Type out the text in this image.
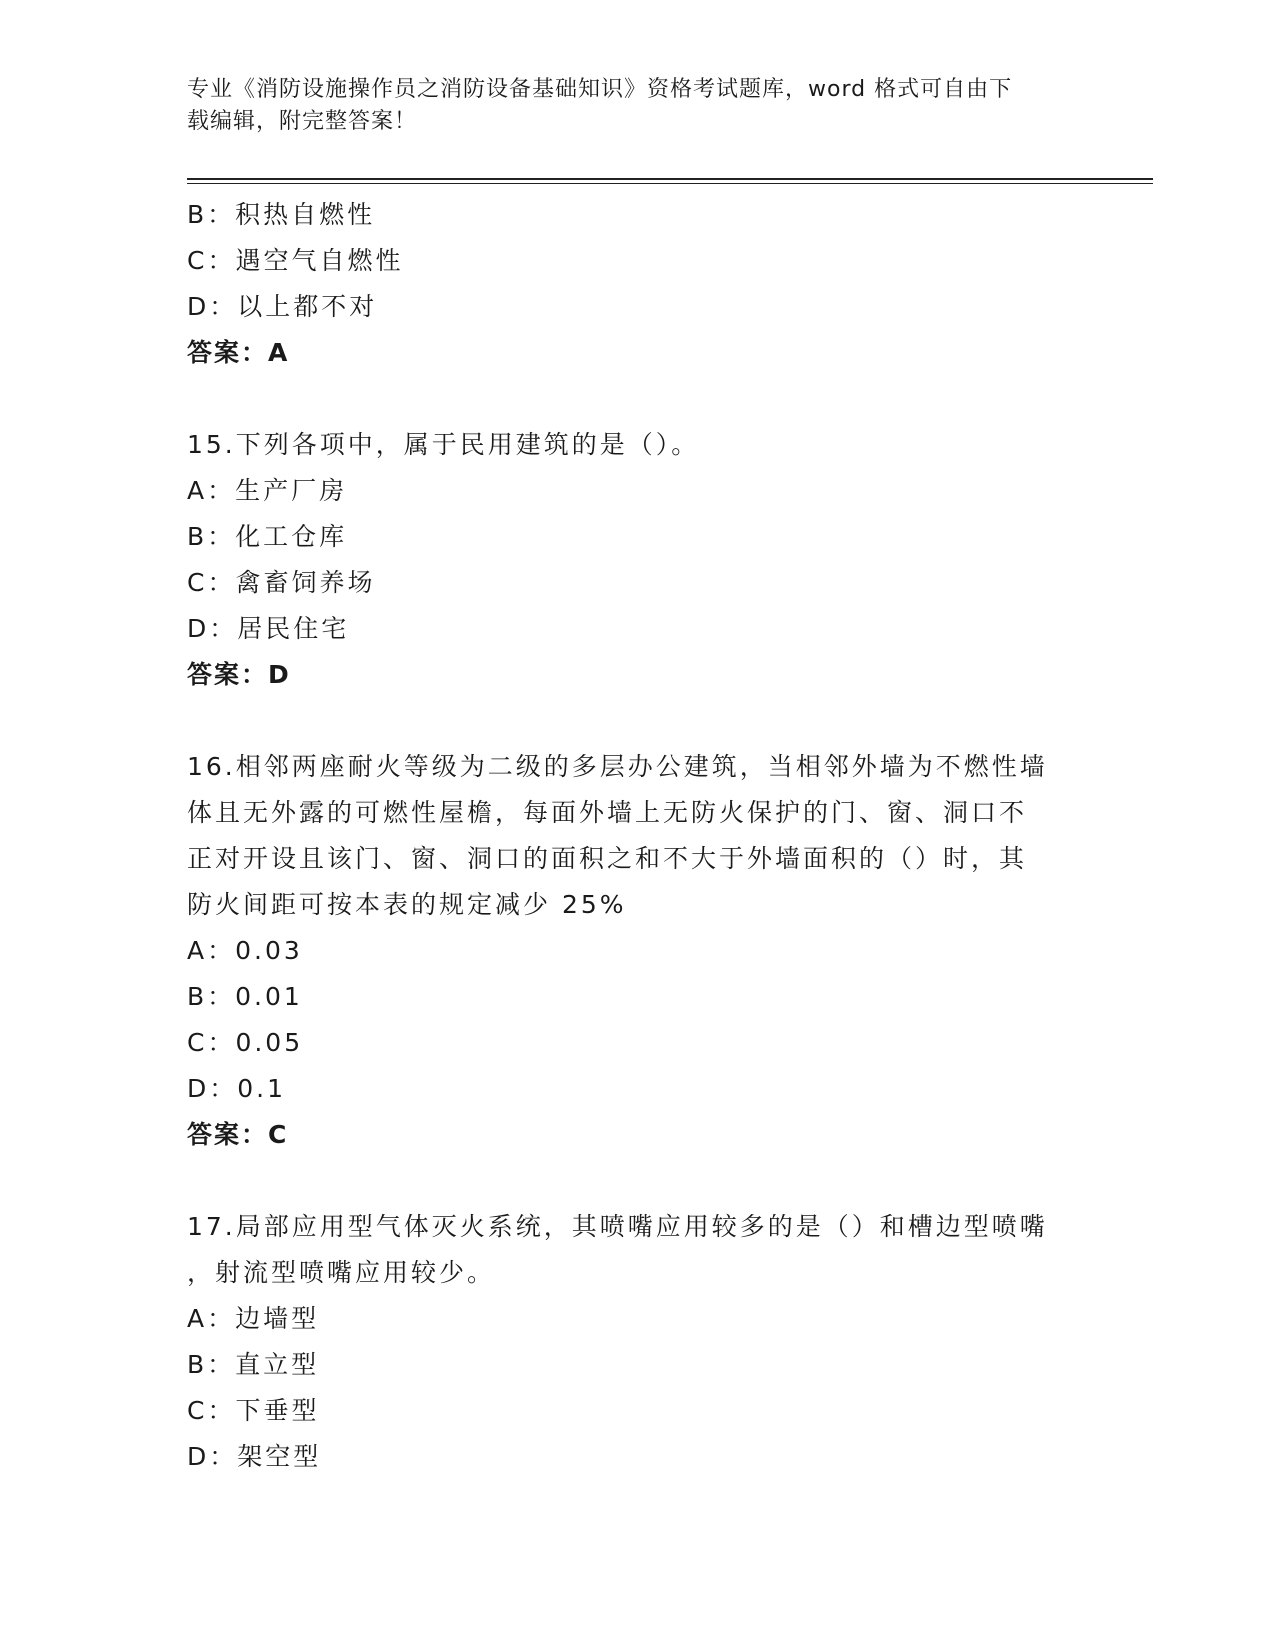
专业《消防设施操作员之消防设备基础知识》资格考试题库，word 格式可自由下
载编辑，附完整答案！
B：积热自燃性
C：遇空气自燃性
D：以上都不对
答案：A
15.下列各项中，属于民用建筑的是（）。
A：生产厂房
B：化工仓库
C：禽畜饲养场
D：居民住宅
答案：D
16.相邻两座耐火等级为二级的多层办公建筑，当相邻外墙为不燃性墙
体且无外露的可燃性屋檐，每面外墙上无防火保护的门、窗、洞口不
正对开设且该门、窗、洞口的面积之和不大于外墙面积的（）时，其
防火间距可按本表的规定减少 25%
A：0.03
B：0.01
C：0.05
D：0.1
答案：C
17.局部应用型气体灭火系统，其喷嘴应用较多的是（）和槽边型喷嘴
，射流型喷嘴应用较少。
A：边墙型
B：直立型
C：下垂型
D：架空型
